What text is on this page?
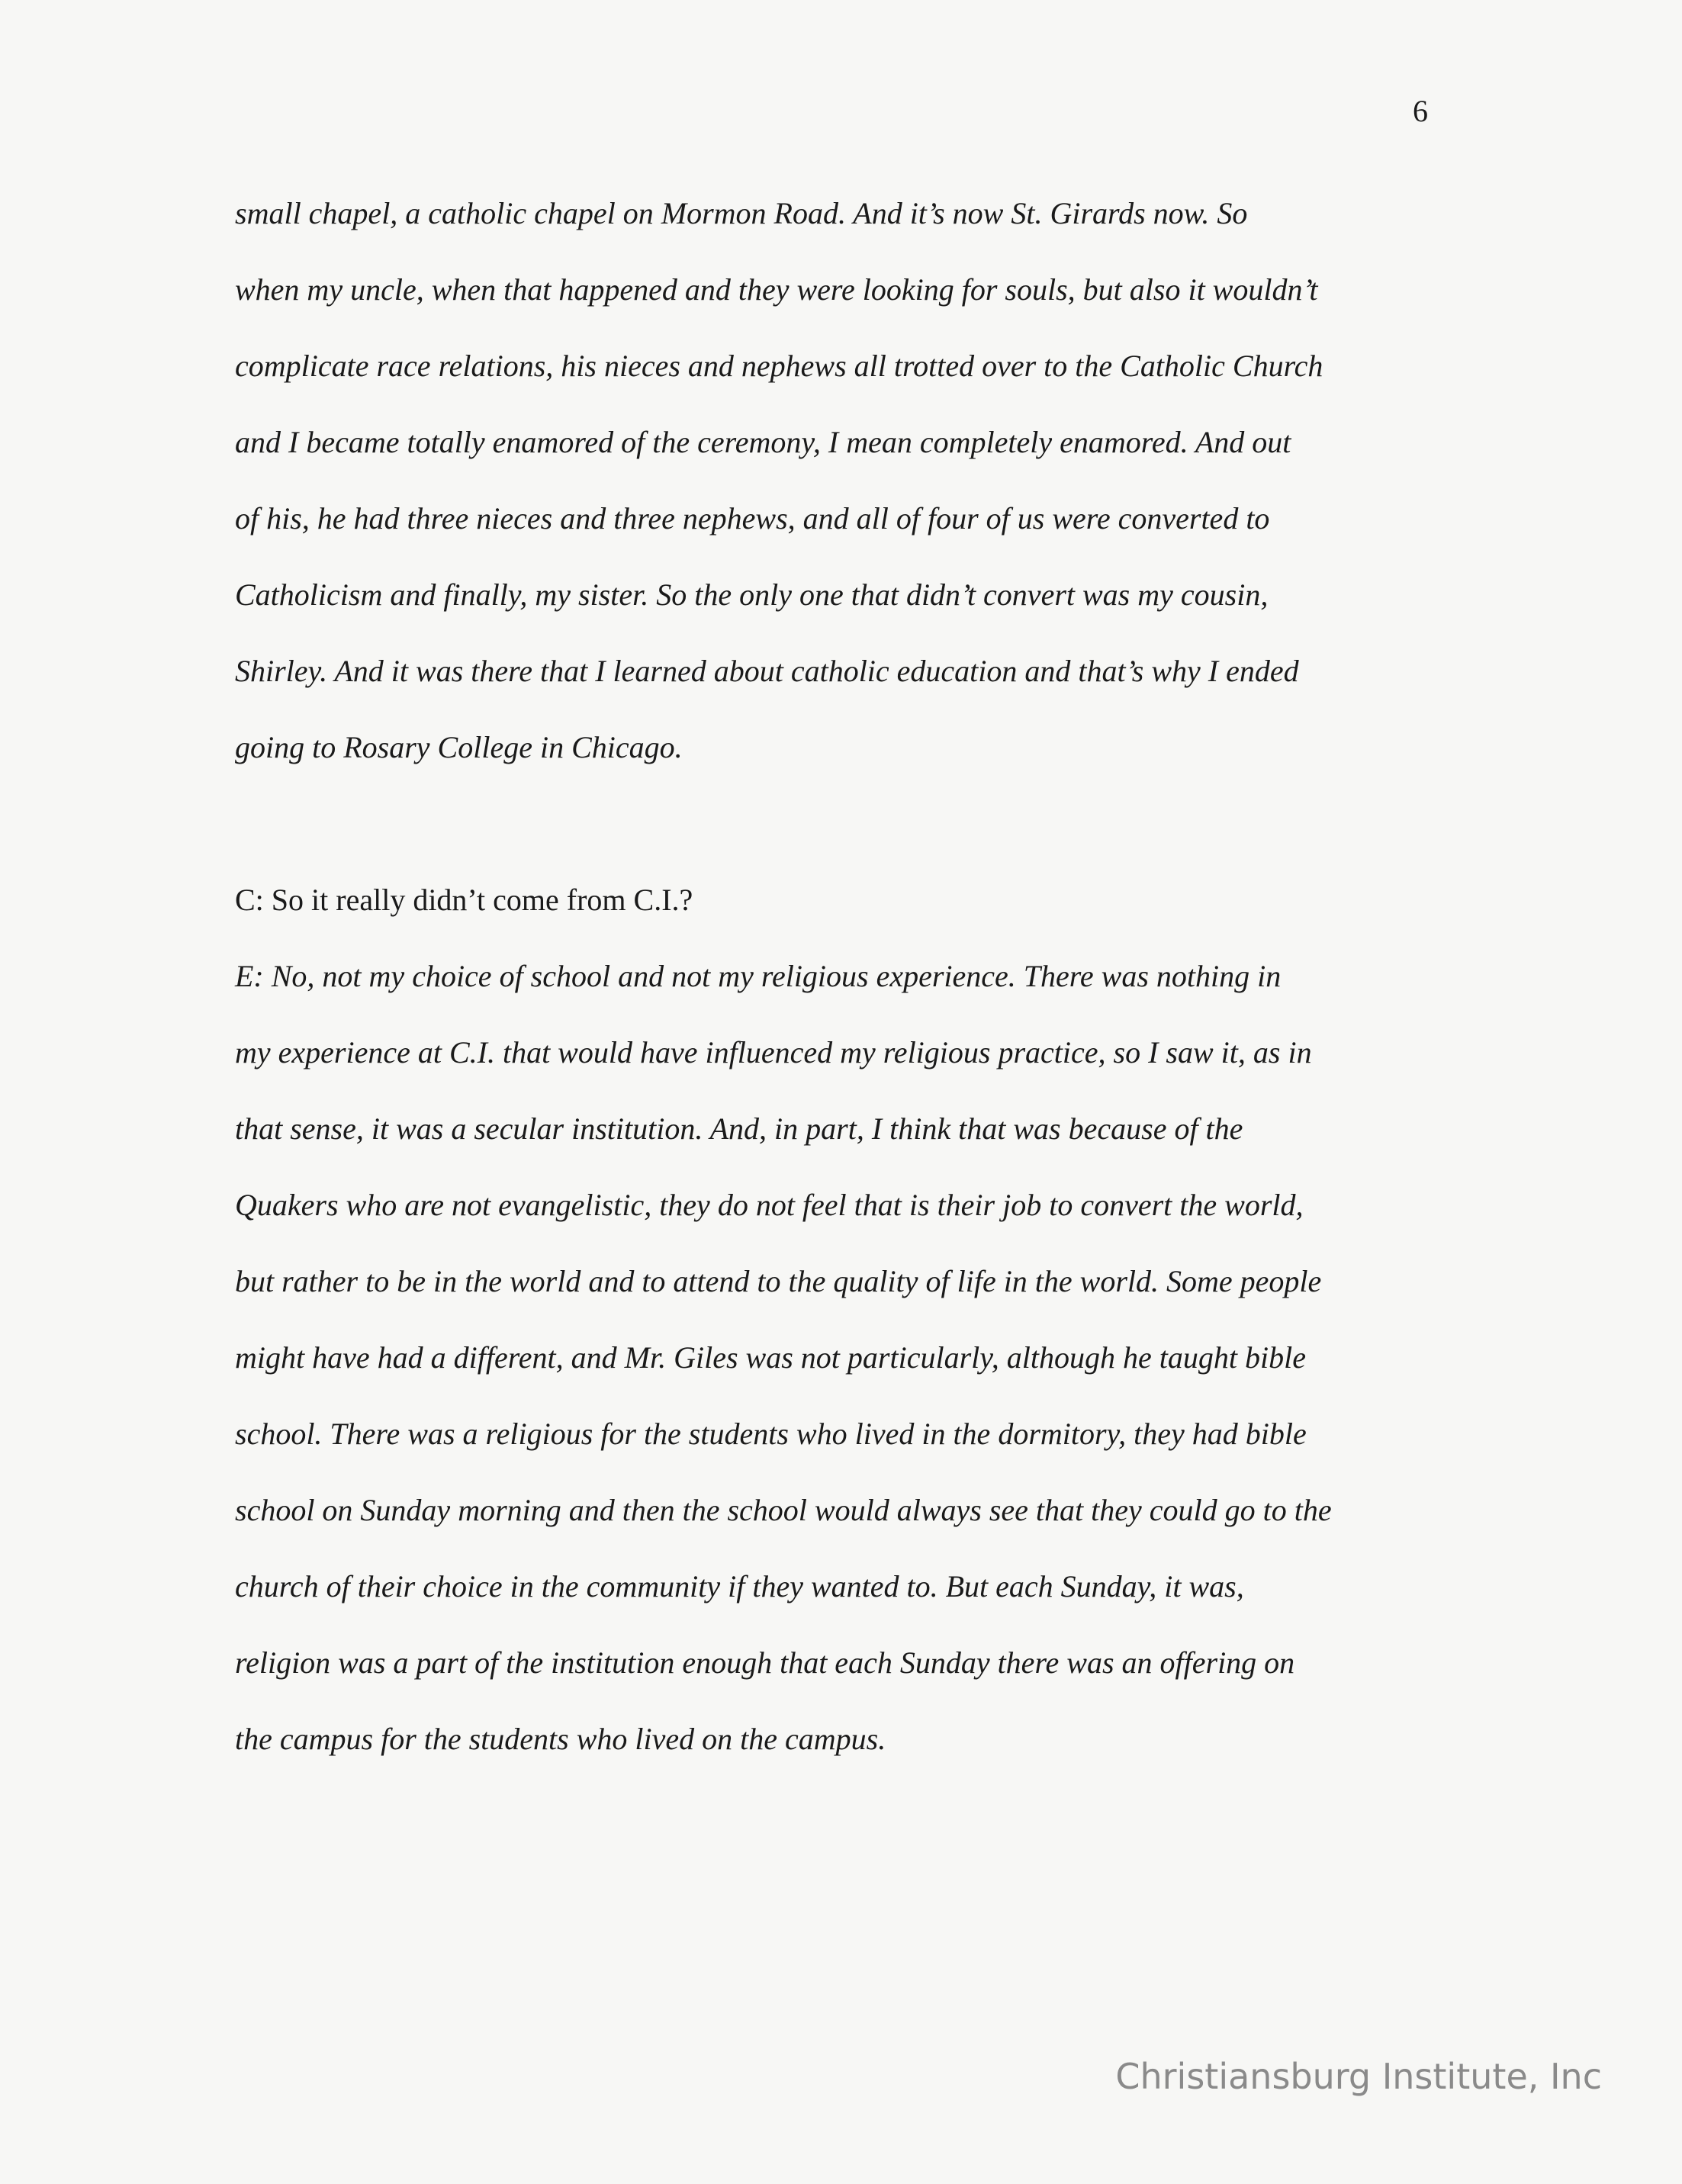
6
small chapel, a catholic chapel on Mormon Road. And it’s now St. Girards now. So
when my uncle, when that happened and they were looking for souls, but also it wouldn’t
complicate race relations, his nieces and nephews all trotted over to the Catholic Church
and I became totally enamored of the ceremony, I mean completely enamored. And out
of his, he had three nieces and three nephews, and all of four of us were converted to
Catholicism and finally, my sister. So the only one that didn’t convert was my cousin,
Shirley. And it was there that I learned about catholic education and that’s why I ended
going to Rosary College in Chicago.
C: So it really didn’t come from C.I.?
E: No, not my choice of school and not my religious experience. There was nothing in
my experience at C.I. that would have influenced my religious practice, so I saw it, as in
that sense, it was a secular institution. And, in part, I think that was because of the
Quakers who are not evangelistic, they do not feel that is their job to convert the world,
but rather to be in the world and to attend to the quality of life in the world. Some people
might have had a different, and Mr. Giles was not particularly, although he taught bible
school. There was a religious for the students who lived in the dormitory, they had bible
school on Sunday morning and then the school would always see that they could go to the
church of their choice in the community if they wanted to. But each Sunday, it was,
religion was a part of the institution enough that each Sunday there was an offering on
the campus for the students who lived on the campus.
Christiansburg Institute, Inc
